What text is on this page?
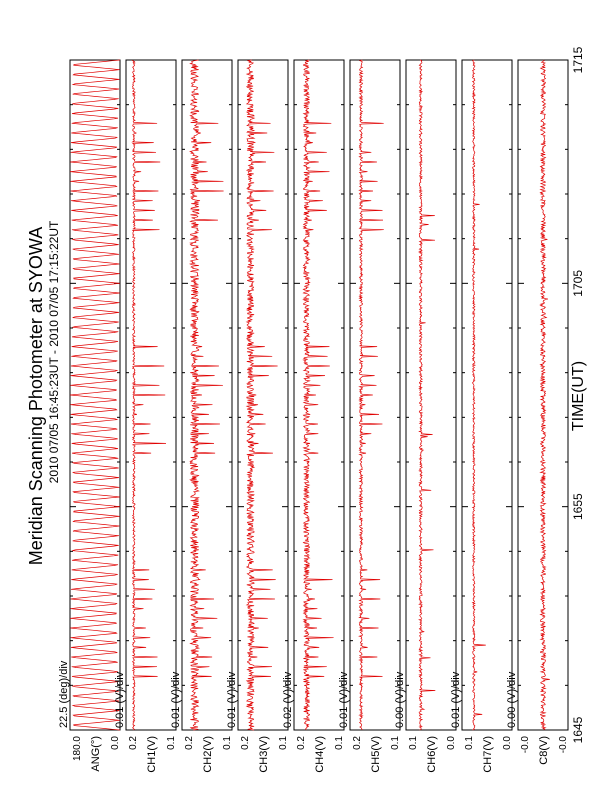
Meridian Scanning Photometer at SYOWA 2010 07/05 16:45:23UT - 2010 07/05 17:15:22UT	TIME(UT)
22.5 (deg)/div
ANG(°)
180.0	0.0
0.01 (V)/div
CH1(V)
0.2	0.1
0.01 (V)/div
CH2(V)
0.2	0.1
0.01 (V)/div
CH3(V)
0.2	0.1
0.02 (V)/div
CH4(V)
0.2	0.1
0.01 (V)/div
CH5(V)
0.2	0.1
0.00 (V)/div
CH6(V)
0.1	0.0
0.01 (V)/div
CH7(V)
0.1	0.0
0.00 (V)/div
C8(V)
-0.0	-0.0
1645
1655
1705
1715
